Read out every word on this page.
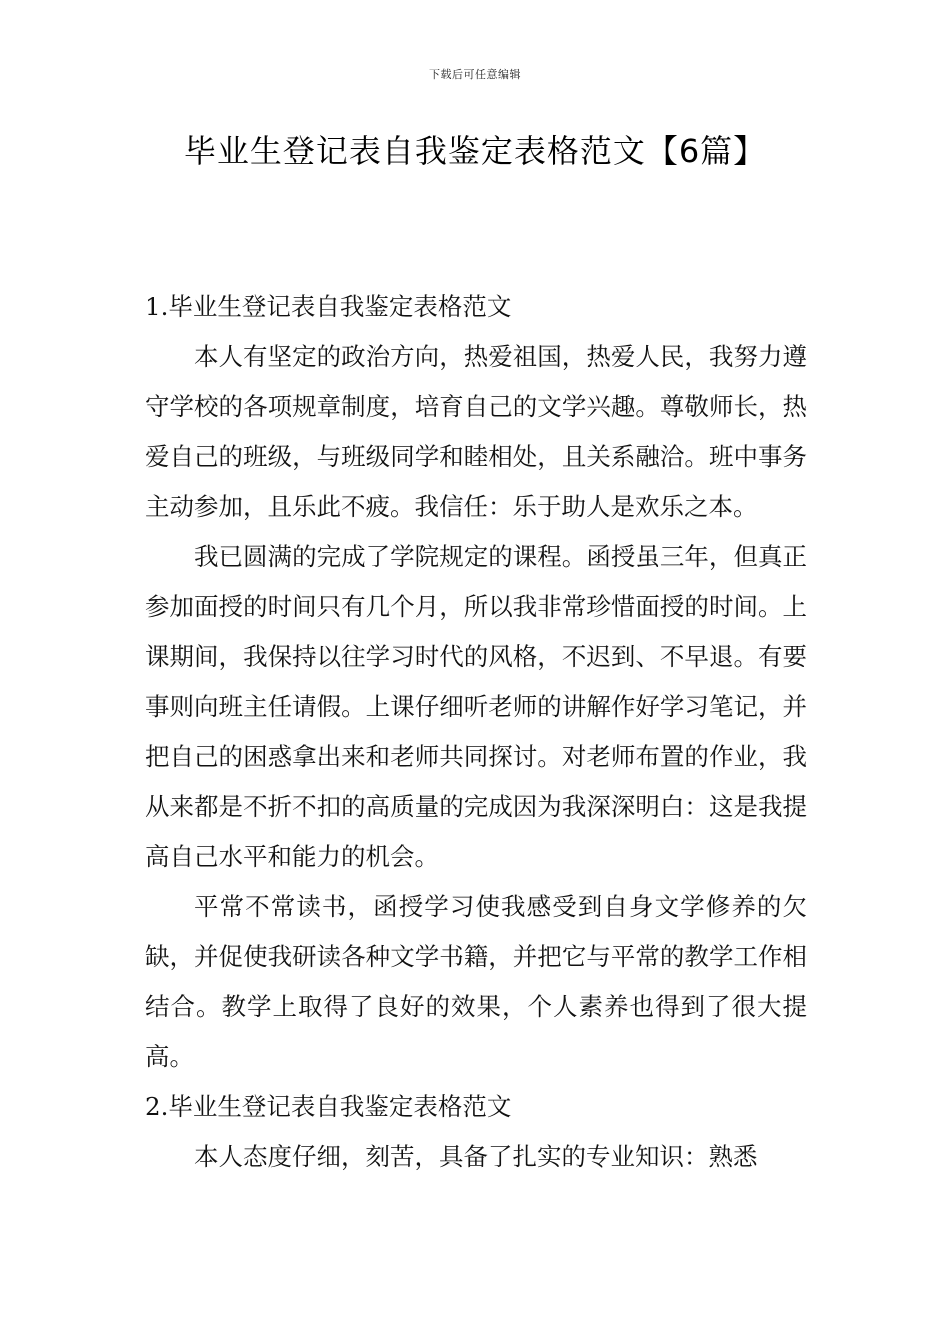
下载后可任意编辑
毕业生登记表自我鉴定表格范文【6篇】
1.毕业生登记表自我鉴定表格范文

本人有坚定的政治方向，热爱祖国，热爱人民，我努力遵守学校的各项规章制度，培育自己的文学兴趣。尊敬师长，热爱自己的班级，与班级同学和睦相处，且关系融洽。班中事务主动参加，且乐此不疲。我信任：乐于助人是欢乐之本。

我已圆满的完成了学院规定的课程。函授虽三年，但真正参加面授的时间只有几个月，所以我非常珍惜面授的时间。上课期间，我保持以往学习时代的风格，不迟到、不早退。有要事则向班主任请假。上课仔细听老师的讲解作好学习笔记，并把自己的困惑拿出来和老师共同探讨。对老师布置的作业，我从来都是不折不扣的高质量的完成因为我深深明白：这是我提高自己水平和能力的机会。

平常不常读书，函授学习使我感受到自身文学修养的欠缺，并促使我研读各种文学书籍，并把它与平常的教学工作相结合。教学上取得了良好的效果，个人素养也得到了很大提高。

2.毕业生登记表自我鉴定表格范文

本人态度仔细，刻苦，具备了扎实的专业知识：熟悉
